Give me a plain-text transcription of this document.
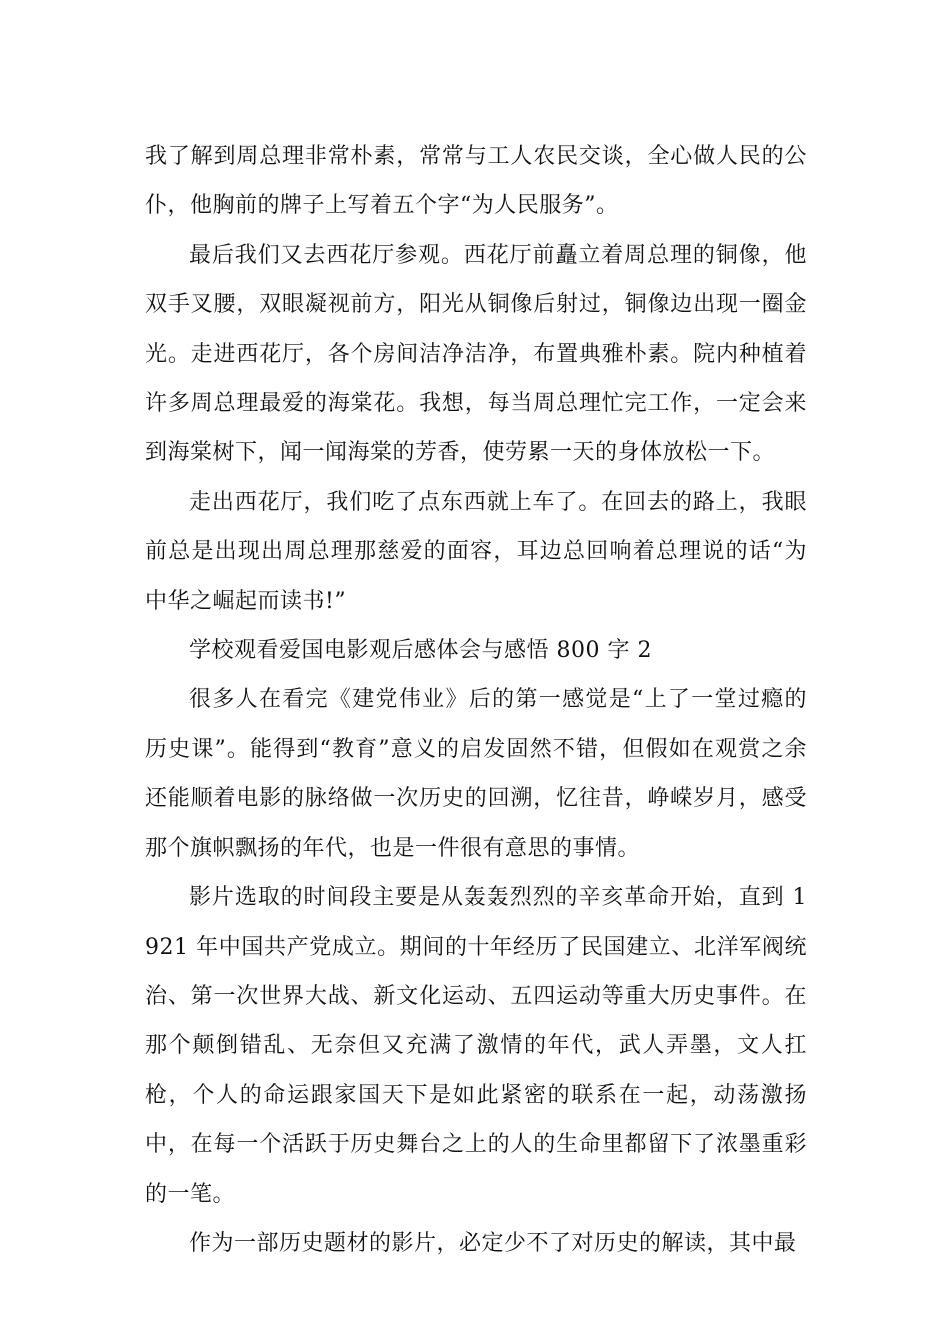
我了解到周总理非常朴素，常常与工人农民交谈，全心做人民的公仆，他胸前的牌子上写着五个字“为人民服务”。

最后我们又去西花厅参观。西花厅前矗立着周总理的铜像，他双手叉腰，双眼凝视前方，阳光从铜像后射过，铜像边出现一圈金光。走进西花厅，各个房间洁净洁净，布置典雅朴素。院内种植着许多周总理最爱的海棠花。我想，每当周总理忙完工作，一定会来到海棠树下，闻一闻海棠的芳香，使劳累一天的身体放松一下。

走出西花厅，我们吃了点东西就上车了。在回去的路上，我眼前总是出现出周总理那慈爱的面容，耳边总回响着总理说的话“为中华之崛起而读书!”

学校观看爱国电影观后感体会与感悟 800 字 2

很多人在看完《建党伟业》后的第一感觉是“上了一堂过瘾的历史课”。能得到“教育”意义的启发固然不错，但假如在观赏之余还能顺着电影的脉络做一次历史的回溯，忆往昔，峥嵘岁月，感受那个旗帜飘扬的年代，也是一件很有意思的事情。

影片选取的时间段主要是从轰轰烈烈的辛亥革命开始，直到 1921 年中国共产党成立。期间的十年经历了民国建立、北洋军阀统治、第一次世界大战、新文化运动、五四运动等重大历史事件。在那个颠倒错乱、无奈但又充满了激情的年代，武人弄墨，文人扛枪，个人的命运跟家国天下是如此紧密的联系在一起，动荡激扬中，在每一个活跃于历史舞台之上的人的生命里都留下了浓墨重彩的一笔。

作为一部历史题材的影片，必定少不了对历史的解读，其中最
